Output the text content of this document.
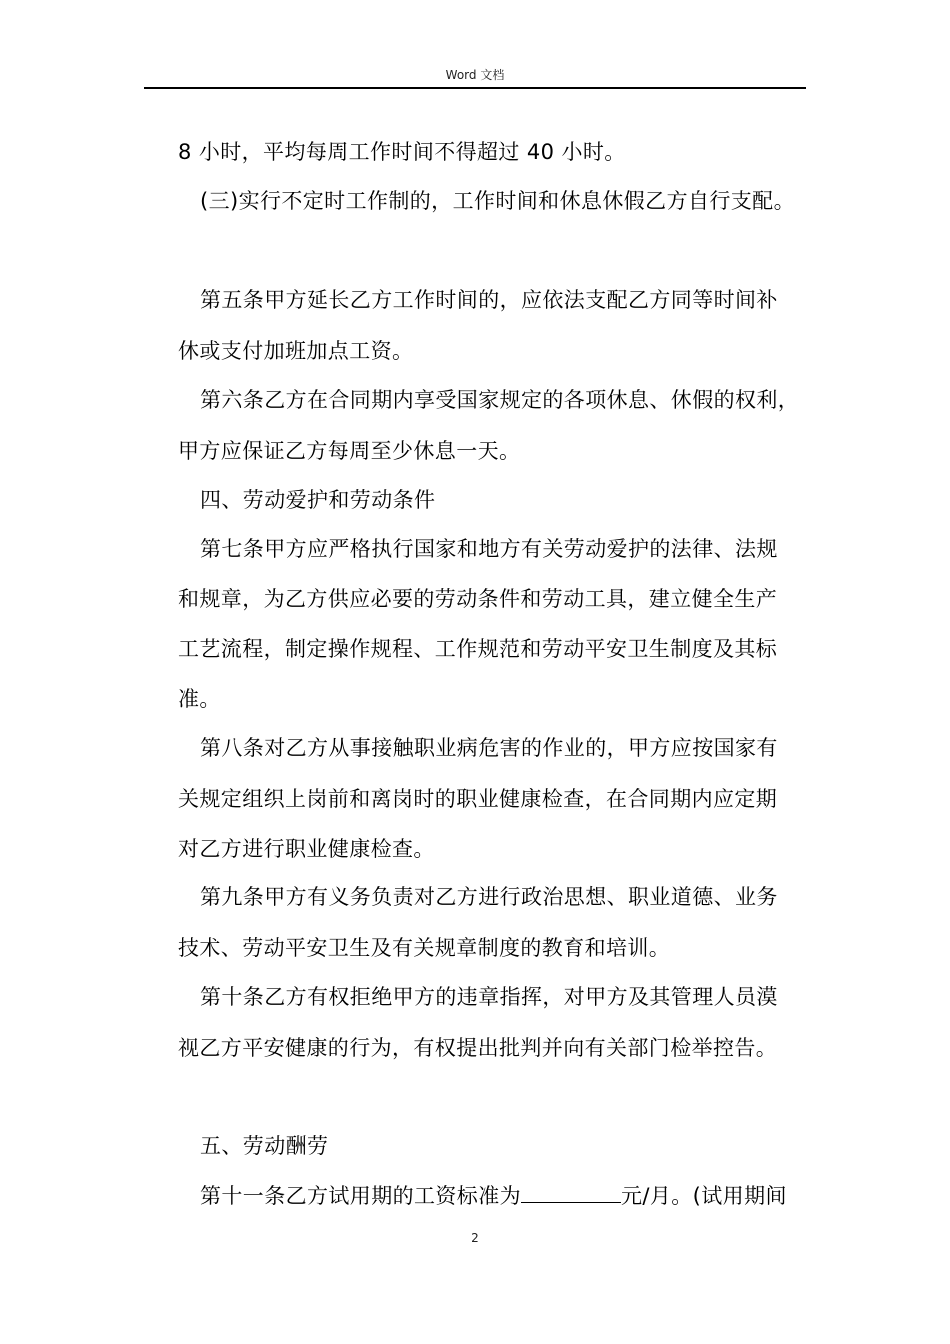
Word 文档
8 小时，平均每周工作时间不得超过 40 小时。
(三)实行不定时工作制的，工作时间和休息休假乙方自行支配。
第五条甲方延长乙方工作时间的，应依法支配乙方同等时间补
休或支付加班加点工资。
第六条乙方在合同期内享受国家规定的各项休息、休假的权利，
甲方应保证乙方每周至少休息一天。
四、劳动爱护和劳动条件
第七条甲方应严格执行国家和地方有关劳动爱护的法律、法规
和规章，为乙方供应必要的劳动条件和劳动工具，建立健全生产
工艺流程，制定操作规程、工作规范和劳动平安卫生制度及其标
准。
第八条对乙方从事接触职业病危害的作业的，甲方应按国家有
关规定组织上岗前和离岗时的职业健康检查，在合同期内应定期
对乙方进行职业健康检查。
第九条甲方有义务负责对乙方进行政治思想、职业道德、业务
技术、劳动平安卫生及有关规章制度的教育和培训。
第十条乙方有权拒绝甲方的违章指挥，对甲方及其管理人员漠
视乙方平安健康的行为，有权提出批判并向有关部门检举控告。
五、劳动酬劳
第十一条乙方试用期的工资标准为	元/月。(试用期间
2
